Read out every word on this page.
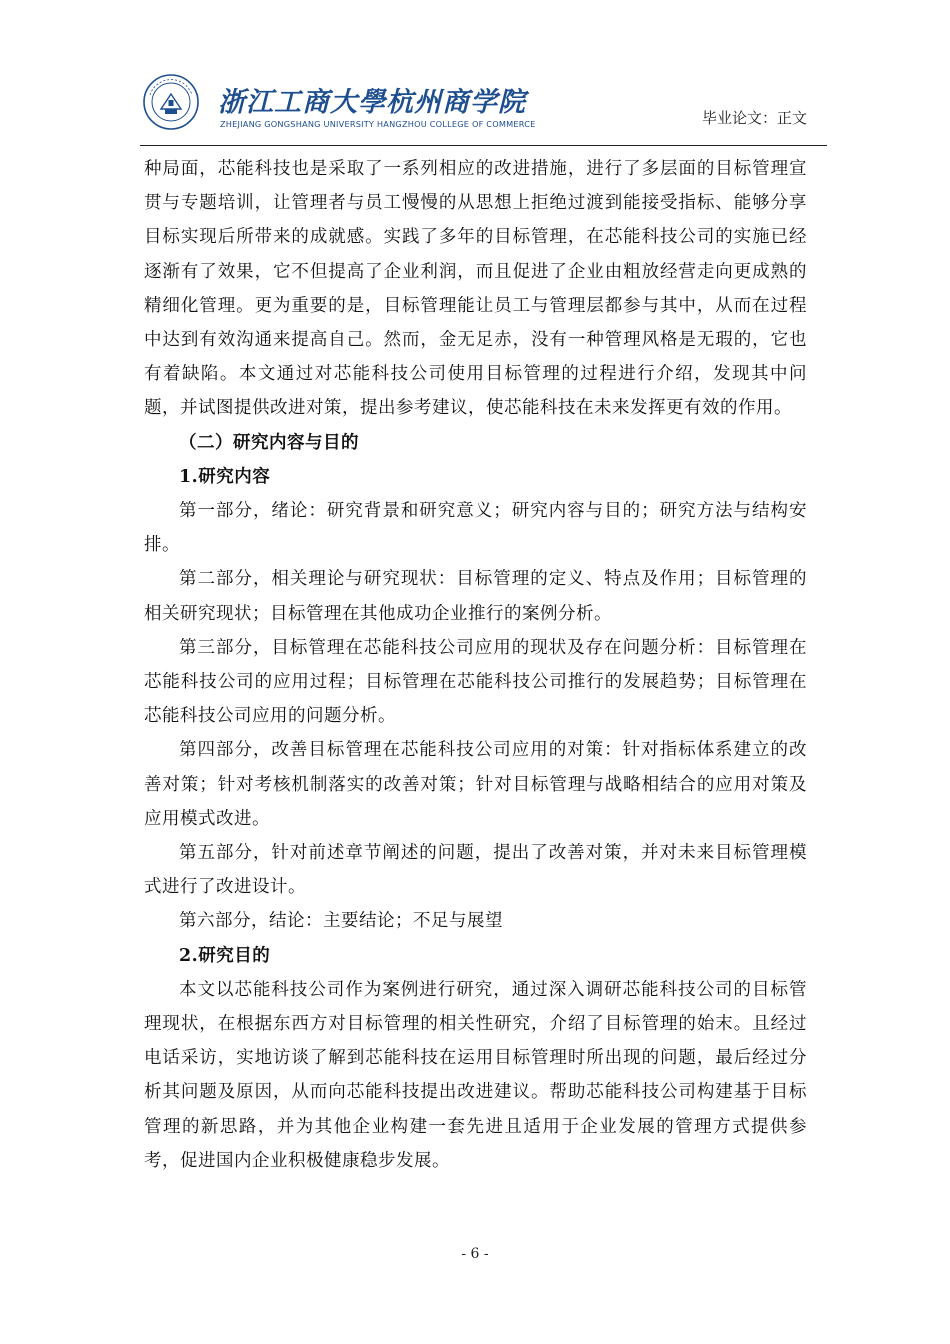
浙江工商大學杭州商学院
ZHEJIANG GONGSHANG UNIVERSITY HANGZHOU COLLEGE OF COMMERCE	毕业论文：正文

种局面，芯能科技也是采取了一系列相应的改进措施，进行了多层面的目标管理宣贯与专题培训，让管理者与员工慢慢的从思想上拒绝过渡到能接受指标、能够分享目标实现后所带来的成就感。实践了多年的目标管理，在芯能科技公司的实施已经逐渐有了效果，它不但提高了企业利润，而且促进了企业由粗放经营走向更成熟的精细化管理。更为重要的是，目标管理能让员工与管理层都参与其中，从而在过程中达到有效沟通来提高自己。然而，金无足赤，没有一种管理风格是无瑕的，它也有着缺陷。本文通过对芯能科技公司使用目标管理的过程进行介绍，发现其中问题，并试图提供改进对策，提出参考建议，使芯能科技在未来发挥更有效的作用。

（二）研究内容与目的

1.研究内容

第一部分，绪论：研究背景和研究意义；研究内容与目的；研究方法与结构安排。

第二部分，相关理论与研究现状：目标管理的定义、特点及作用；目标管理的相关研究现状；目标管理在其他成功企业推行的案例分析。

第三部分，目标管理在芯能科技公司应用的现状及存在问题分析：目标管理在芯能科技公司的应用过程；目标管理在芯能科技公司推行的发展趋势；目标管理在芯能科技公司应用的问题分析。

第四部分，改善目标管理在芯能科技公司应用的对策：针对指标体系建立的改善对策；针对考核机制落实的改善对策；针对目标管理与战略相结合的应用对策及应用模式改进。

第五部分，针对前述章节阐述的问题，提出了改善对策，并对未来目标管理模式进行了改进设计。

第六部分，结论：主要结论；不足与展望

2.研究目的

本文以芯能科技公司作为案例进行研究，通过深入调研芯能科技公司的目标管理现状，在根据东西方对目标管理的相关性研究，介绍了目标管理的始末。且经过电话采访，实地访谈了解到芯能科技在运用目标管理时所出现的问题，最后经过分析其问题及原因，从而向芯能科技提出改进建议。帮助芯能科技公司构建基于目标管理的新思路，并为其他企业构建一套先进且适用于企业发展的管理方式提供参考，促进国内企业积极健康稳步发展。

- 6 -
